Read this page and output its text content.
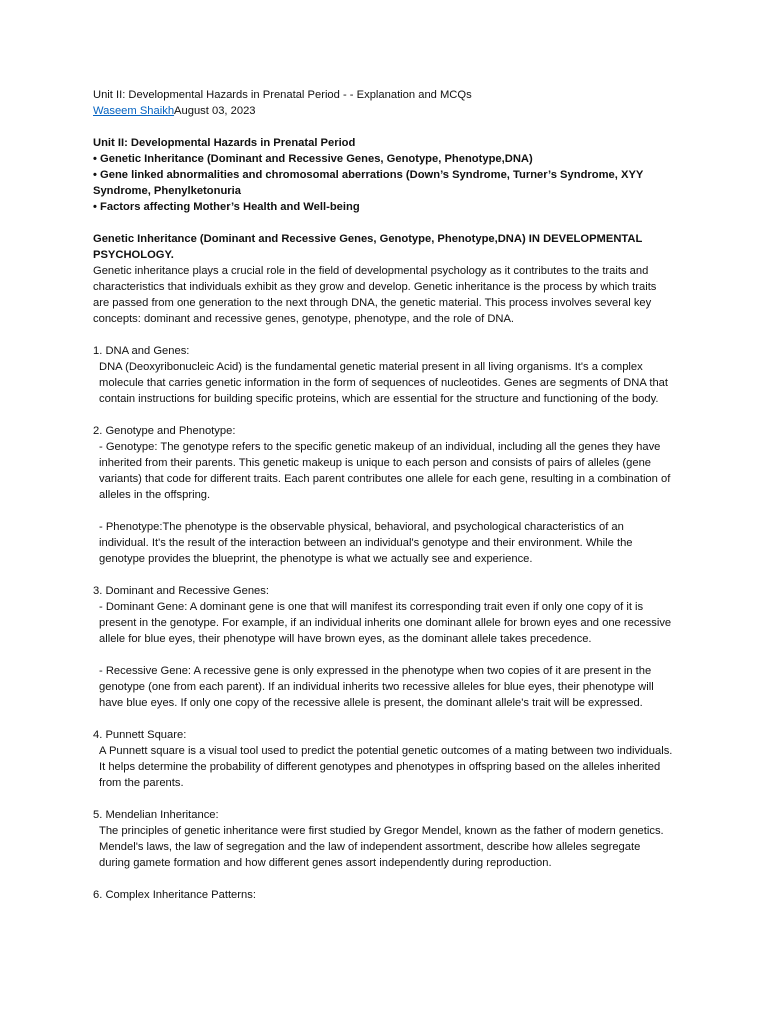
Unit II: Developmental Hazards in Prenatal Period - - Explanation and MCQs

Waseem ShaikhAugust 03, 2023

Unit II: Developmental Hazards in Prenatal Period

• Genetic Inheritance (Dominant and Recessive Genes, Genotype, Phenotype,DNA)

• Gene linked abnormalities and chromosomal aberrations (Down’s Syndrome, Turner’s Syndrome, XYY Syndrome, Phenylketonuria

• Factors affecting Mother’s Health and Well-being

Genetic Inheritance (Dominant and Recessive Genes, Genotype, Phenotype,DNA) IN DEVELOPMENTAL PSYCHOLOGY.

Genetic inheritance plays a crucial role in the field of developmental psychology as it contributes to the traits and characteristics that individuals exhibit as they grow and develop. Genetic inheritance is the process by which traits are passed from one generation to the next through DNA, the genetic material. This process involves several key concepts: dominant and recessive genes, genotype, phenotype, and the role of DNA.

1. DNA and Genes:

DNA (Deoxyribonucleic Acid) is the fundamental genetic material present in all living organisms. It's a complex molecule that carries genetic information in the form of sequences of nucleotides. Genes are segments of DNA that contain instructions for building specific proteins, which are essential for the structure and functioning of the body.

2. Genotype and Phenotype:

- Genotype: The genotype refers to the specific genetic makeup of an individual, including all the genes they have inherited from their parents. This genetic makeup is unique to each person and consists of pairs of alleles (gene variants) that code for different traits. Each parent contributes one allele for each gene, resulting in a combination of alleles in the offspring.

- Phenotype:The phenotype is the observable physical, behavioral, and psychological characteristics of an individual. It's the result of the interaction between an individual's genotype and their environment. While the genotype provides the blueprint, the phenotype is what we actually see and experience.

3. Dominant and Recessive Genes:

- Dominant Gene: A dominant gene is one that will manifest its corresponding trait even if only one copy of it is present in the genotype. For example, if an individual inherits one dominant allele for brown eyes and one recessive allele for blue eyes, their phenotype will have brown eyes, as the dominant allele takes precedence.

- Recessive Gene: A recessive gene is only expressed in the phenotype when two copies of it are present in the genotype (one from each parent). If an individual inherits two recessive alleles for blue eyes, their phenotype will have blue eyes. If only one copy of the recessive allele is present, the dominant allele's trait will be expressed.

4. Punnett Square:

A Punnett square is a visual tool used to predict the potential genetic outcomes of a mating between two individuals. It helps determine the probability of different genotypes and phenotypes in offspring based on the alleles inherited from the parents.

5. Mendelian Inheritance:

The principles of genetic inheritance were first studied by Gregor Mendel, known as the father of modern genetics. Mendel's laws, the law of segregation and the law of independent assortment, describe how alleles segregate during gamete formation and how different genes assort independently during reproduction.

6. Complex Inheritance Patterns:
